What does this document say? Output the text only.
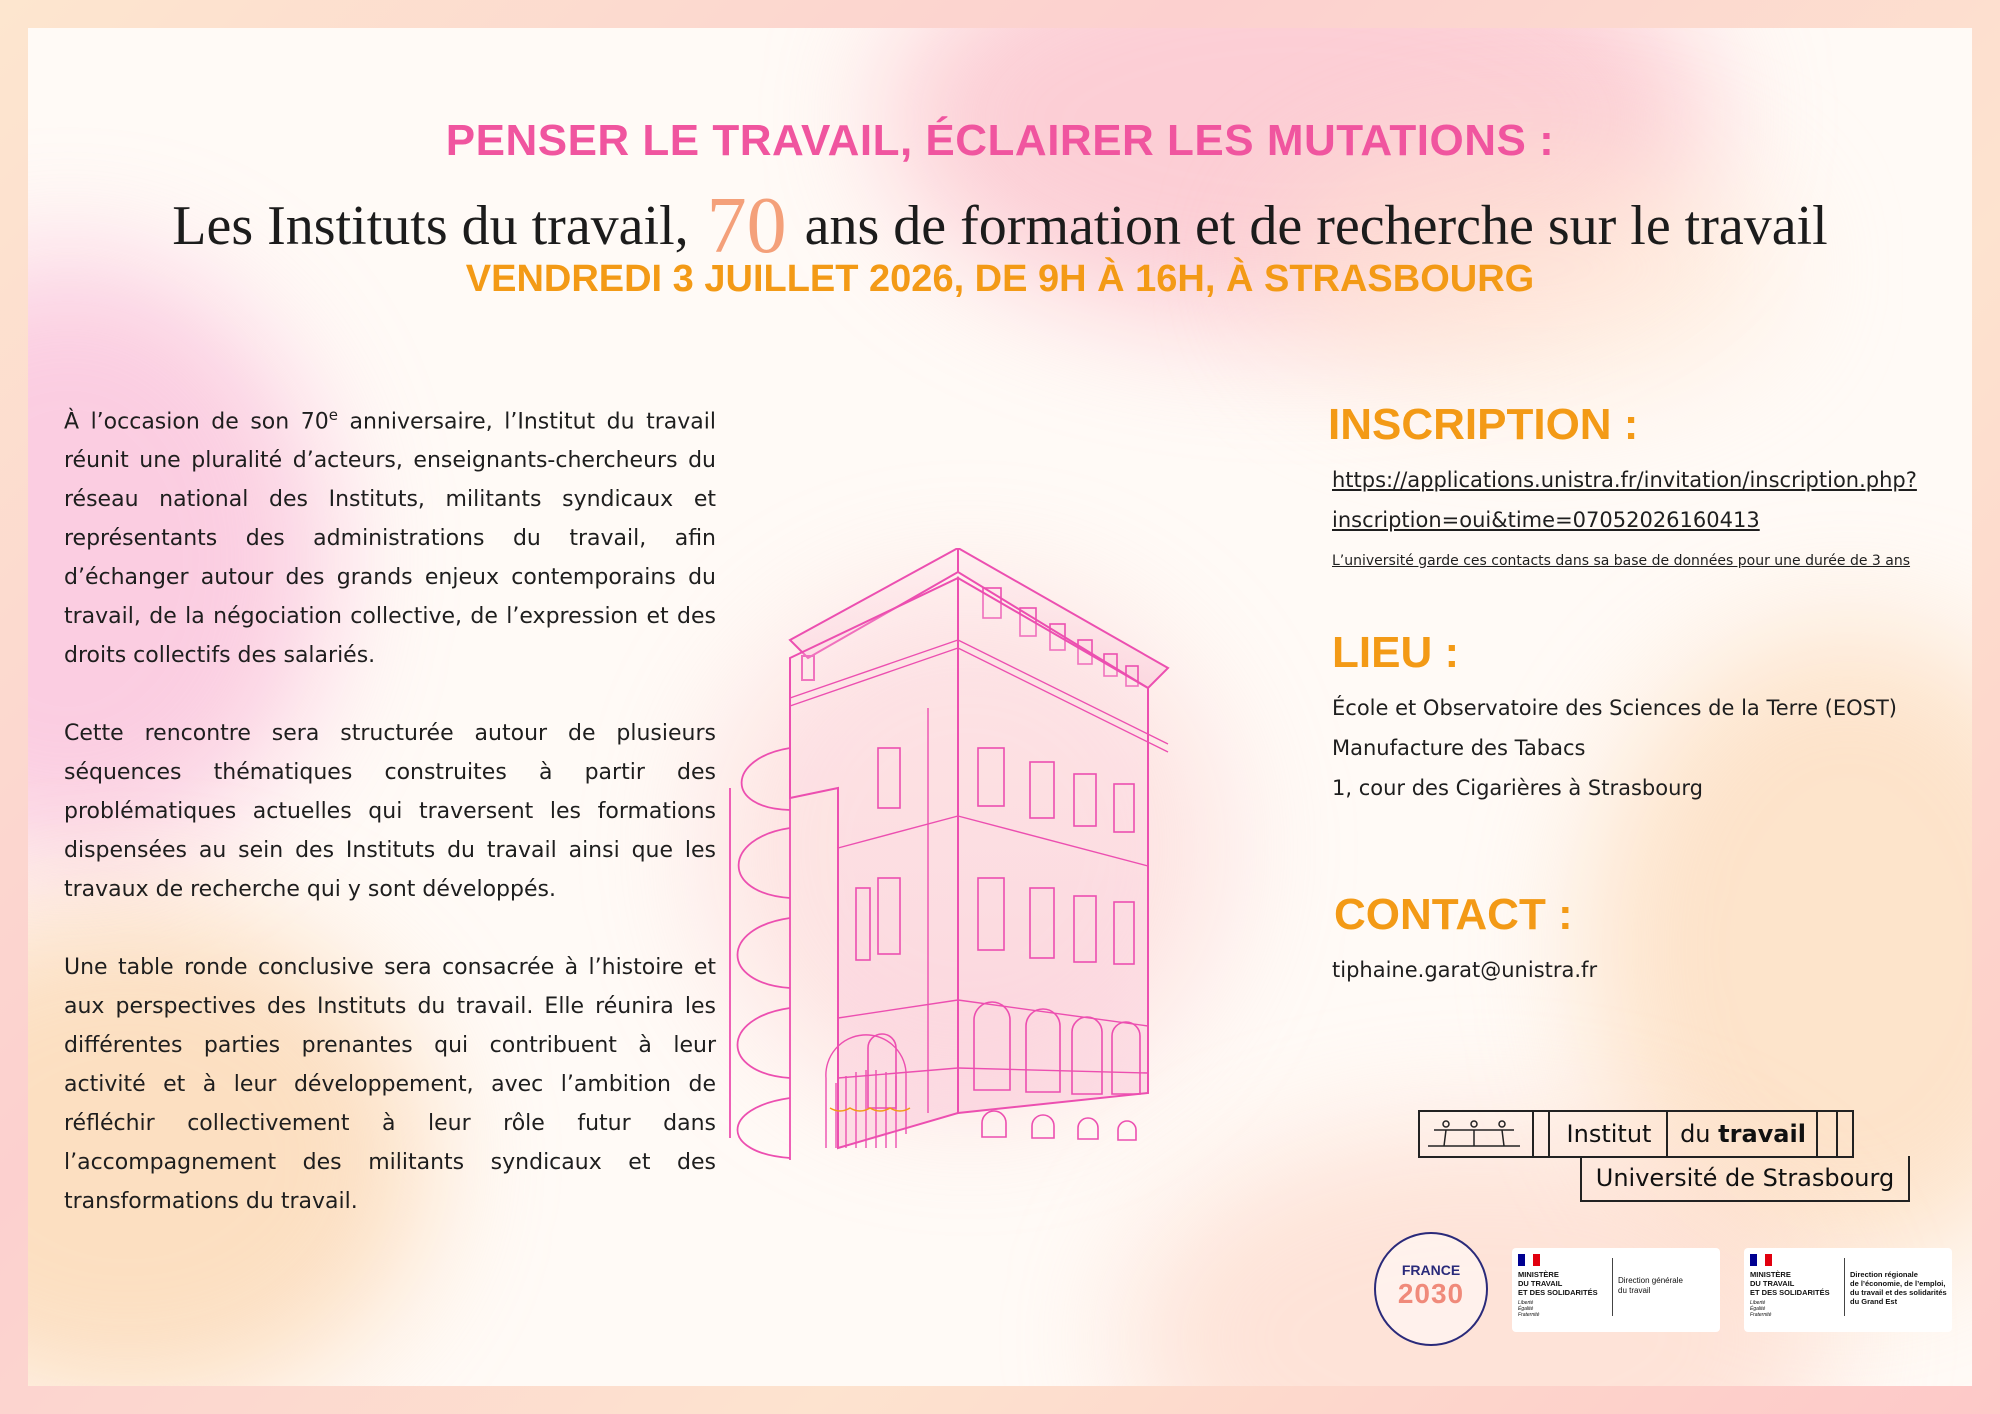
PENSER LE TRAVAIL, ÉCLAIRER LES MUTATIONS :
Les Instituts du travail, 70 ans de formation et de recherche sur le travail
VENDREDI 3 JUILLET 2026, DE 9H À 16H, À STRASBOURG

À l’occasion de son 70e anniversaire, l’Institut du travail réunit une pluralité d’acteurs, enseignants-chercheurs du réseau national des Instituts, militants syndicaux et représentants des administrations du travail, afin d’échanger autour des grands enjeux contemporains du travail, de la négociation collective, de l’expression et des droits collectifs des salariés.

Cette rencontre sera structurée autour de plusieurs séquences thématiques construites à partir des problématiques actuelles qui traversent les formations dispensées au sein des Instituts du travail ainsi que les travaux de recherche qui y sont développés.

Une table ronde conclusive sera consacrée à l’histoire et aux perspectives des Instituts du travail. Elle réunira les différentes parties prenantes qui contribuent à leur activité et à leur développement, avec l’ambition de réfléchir collectivement à leur rôle futur dans l’accompagnement des militants syndicaux et des transformations du travail.

INSCRIPTION :
https://applications.unistra.fr/invitation/inscription.php?
inscription=oui&time=07052026160413
L’université garde ces contacts dans sa base de données pour une durée de 3 ans
LIEU :
École et Observatoire des Sciences de la Terre (EOST)
Manufacture des Tabacs
1, cour des Cigarières à Strasbourg
CONTACT :
tiphaine.garat@unistra.fr
Institut	du travail
Université de Strasbourg
FRANCE
2030
MINISTÈRE
DU TRAVAIL
ET DES SOLIDARITÉS
Liberté
Égalité
Fraternité
Direction générale
du travail
MINISTÈRE
DU TRAVAIL
ET DES SOLIDARITÉS
Liberté
Égalité
Fraternité
Direction régionale
de l’économie, de l’emploi,
du travail et des solidarités
du Grand Est
